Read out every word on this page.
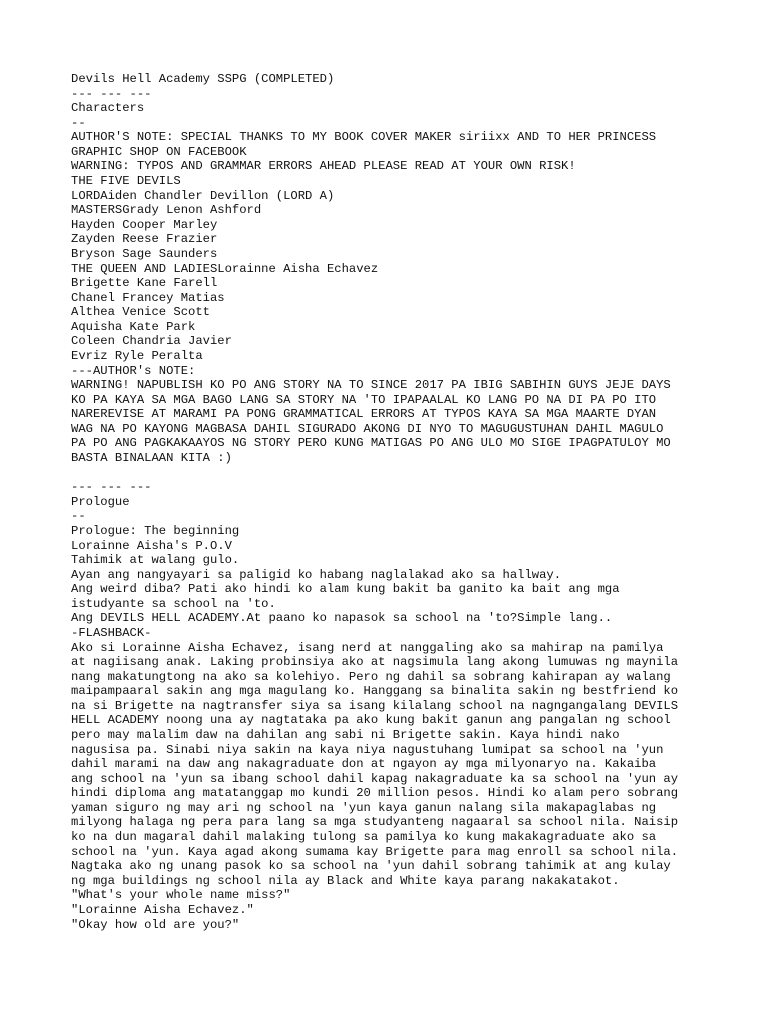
Devils Hell Academy SSPG (COMPLETED)
--- --- ---
Characters
--
AUTHOR'S NOTE: SPECIAL THANKS TO MY BOOK COVER MAKER siriixx AND TO HER PRINCESS
GRAPHIC SHOP ON FACEBOOK
WARNING: TYPOS AND GRAMMAR ERRORS AHEAD PLEASE READ AT YOUR OWN RISK!
THE FIVE DEVILS
LORDAiden Chandler Devillon (LORD A)
MASTERSGrady Lenon Ashford
Hayden Cooper Marley
Zayden Reese Frazier
Bryson Sage Saunders
THE QUEEN AND LADIESLorainne Aisha Echavez
Brigette Kane Farell
Chanel Francey Matias
Althea Venice Scott
Aquisha Kate Park
Coleen Chandria Javier
Evriz Ryle Peralta
---AUTHOR's NOTE:
WARNING! NAPUBLISH KO PO ANG STORY NA TO SINCE 2017 PA IBIG SABIHIN GUYS JEJE DAYS
KO PA KAYA SA MGA BAGO LANG SA STORY NA 'TO IPAPAALAL KO LANG PO NA DI PA PO ITO
NAREREVISE AT MARAMI PA PONG GRAMMATICAL ERRORS AT TYPOS KAYA SA MGA MAARTE DYAN
WAG NA PO KAYONG MAGBASA DAHIL SIGURADO AKONG DI NYO TO MAGUGUSTUHAN DAHIL MAGULO
PA PO ANG PAGKAKAAYOS NG STORY PERO KUNG MATIGAS PO ANG ULO MO SIGE IPAGPATULOY MO
BASTA BINALAAN KITA :)
--- --- ---
Prologue
--
Prologue: The beginning
Lorainne Aisha's P.O.V
Tahimik at walang gulo.
Ayan ang nangyayari sa paligid ko habang naglalakad ako sa hallway.
Ang weird diba? Pati ako hindi ko alam kung bakit ba ganito ka bait ang mga
istudyante sa school na 'to.
Ang DEVILS HELL ACADEMY.At paano ko napasok sa school na 'to?Simple lang..
-FLASHBACK-
Ako si Lorainne Aisha Echavez, isang nerd at nanggaling ako sa mahirap na pamilya
at nagiisang anak. Laking probinsiya ako at nagsimula lang akong lumuwas ng maynila
nang makatungtong na ako sa kolehiyo. Pero ng dahil sa sobrang kahirapan ay walang
maipampaaral sakin ang mga magulang ko. Hanggang sa binalita sakin ng bestfriend ko
na si Brigette na nagtransfer siya sa isang kilalang school na nagngangalang DEVILS
HELL ACADEMY noong una ay nagtataka pa ako kung bakit ganun ang pangalan ng school
pero may malalim daw na dahilan ang sabi ni Brigette sakin. Kaya hindi nako
nagusisa pa. Sinabi niya sakin na kaya niya nagustuhang lumipat sa school na 'yun
dahil marami na daw ang nakagraduate don at ngayon ay mga milyonaryo na. Kakaiba
ang school na 'yun sa ibang school dahil kapag nakagraduate ka sa school na 'yun ay
hindi diploma ang matatanggap mo kundi 20 million pesos. Hindi ko alam pero sobrang
yaman siguro ng may ari ng school na 'yun kaya ganun nalang sila makapaglabas ng
milyong halaga ng pera para lang sa mga studyanteng nagaaral sa school nila. Naisip
ko na dun magaral dahil malaking tulong sa pamilya ko kung makakagraduate ako sa
school na 'yun. Kaya agad akong sumama kay Brigette para mag enroll sa school nila.
Nagtaka ako ng unang pasok ko sa school na 'yun dahil sobrang tahimik at ang kulay
ng mga buildings ng school nila ay Black and White kaya parang nakakatakot.
"What's your whole name miss?"
"Lorainne Aisha Echavez."
"Okay how old are you?"
